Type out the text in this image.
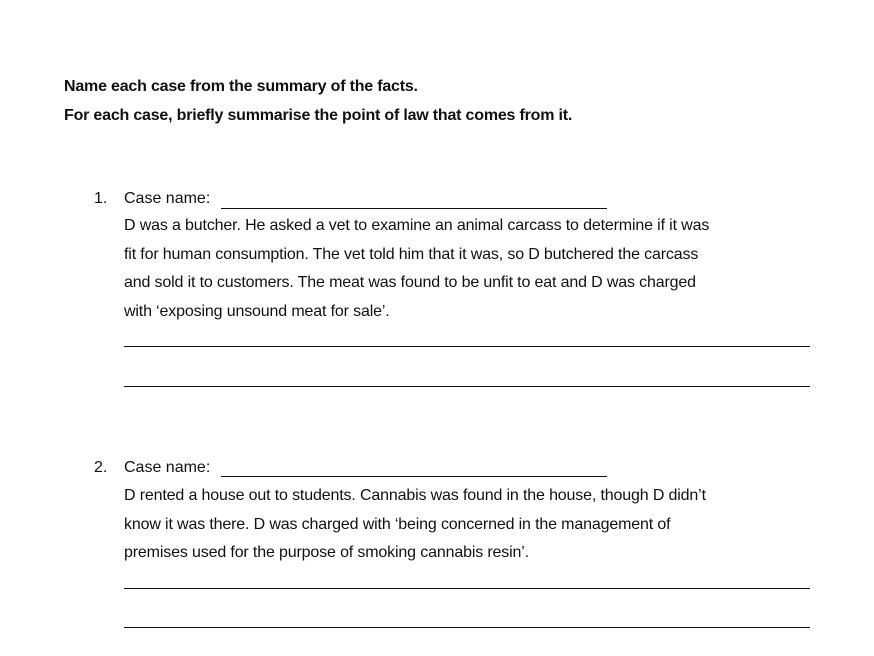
Name each case from the summary of the facts.
For each case, briefly summarise the point of law that comes from it.
1. Case name:
D was a butcher. He asked a vet to examine an animal carcass to determine if it was
fit for human consumption. The vet told him that it was, so D butchered the carcass
and sold it to customers. The meat was found to be unfit to eat and D was charged
with ‘exposing unsound meat for sale’.
2. Case name:
D rented a house out to students. Cannabis was found in the house, though D didn’t
know it was there. D was charged with ‘being concerned in the management of
premises used for the purpose of smoking cannabis resin’.
